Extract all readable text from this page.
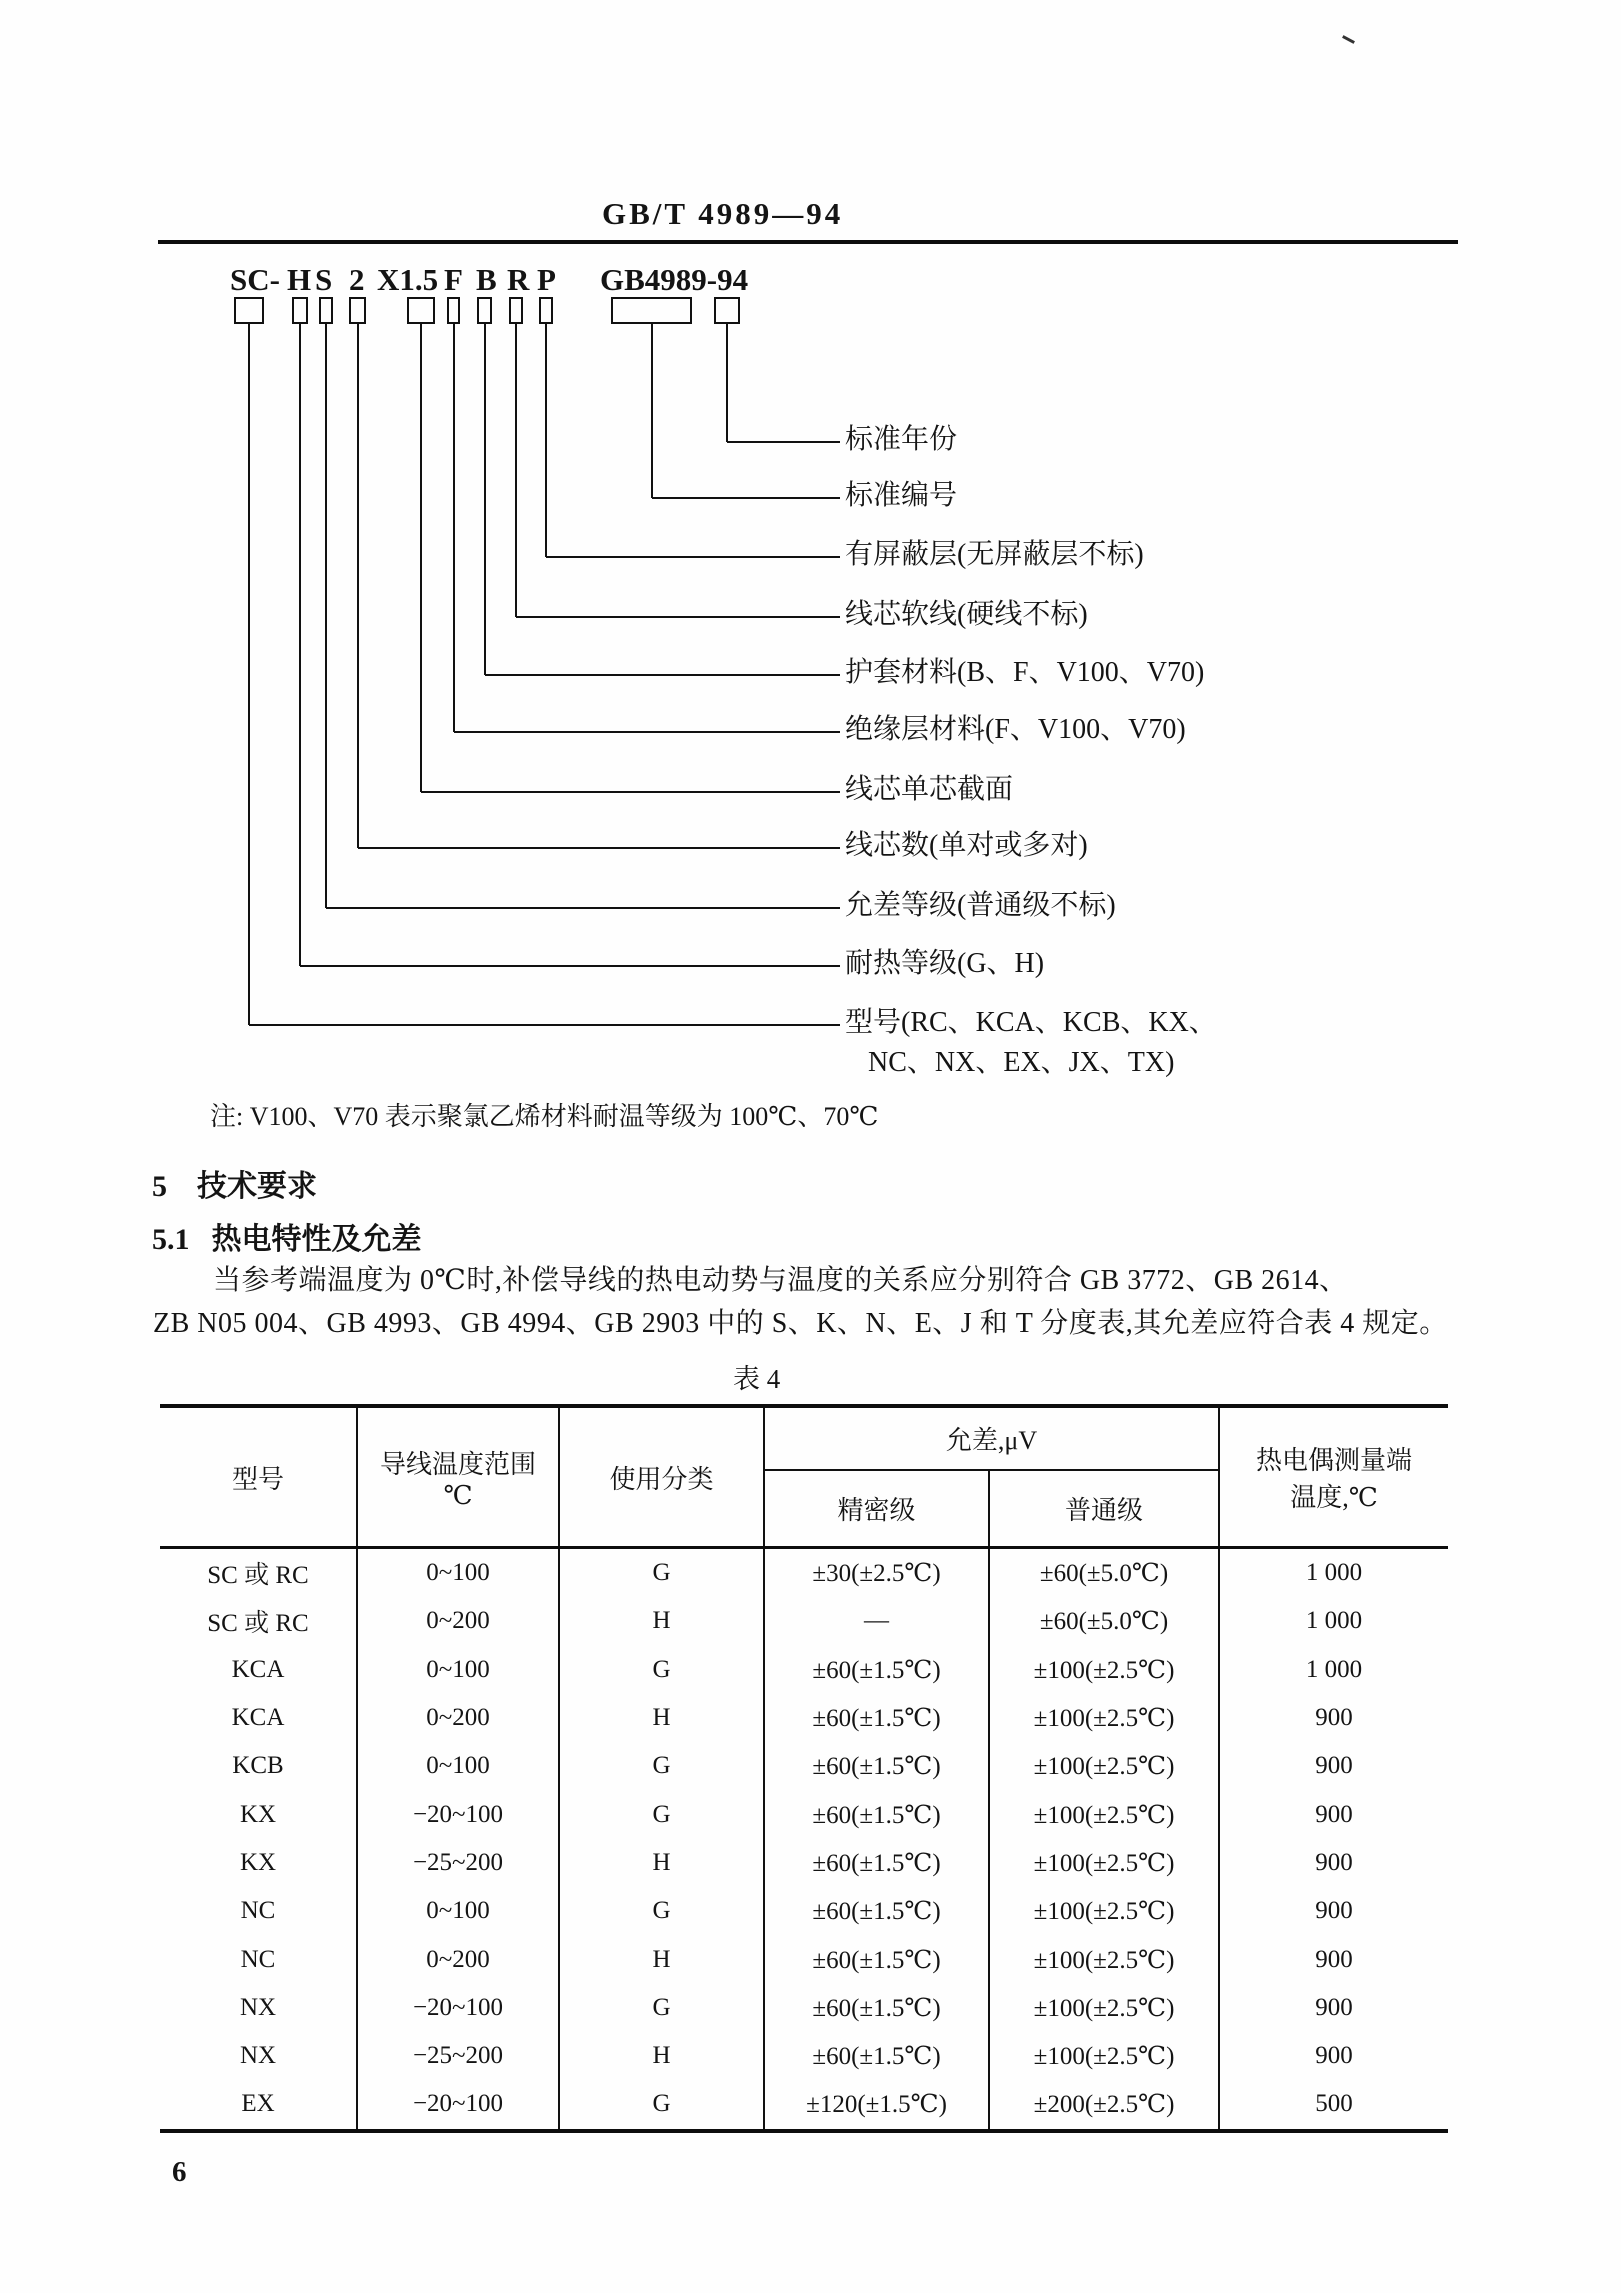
GB/T 4989—94
SC- H S 2 X1.5 F B R P GB4989-94
标准年份
标准编号
有屏蔽层(无屏蔽层不标)
线芯软线(硬线不标)
护套材料(B、F、V100、V70)
绝缘层材料(F、V100、V70)
线芯单芯截面
线芯数(单对或多对)
允差等级(普通级不标)
耐热等级(G、H)
型号(RC、KCA、KCB、KX、
NC、NX、EX、JX、TX)
注: V100、V70 表示聚氯乙烯材料耐温等级为 100℃、70℃
5 技术要求
5.1 热电特性及允差
当参考端温度为 0℃时,补偿导线的热电动势与温度的关系应分别符合 GB 3772、GB 2614、
ZB N05 004、GB 4993、GB 4994、GB 2903 中的 S、K、N、E、J 和 T 分度表,其允差应符合表 4 规定。
表 4
型号
导线温度范围
℃
使用分类
允差,μV
精密级	普通级
热电偶测量端
温度,℃
SC 或 RC	0~100	G	±30(±2.5℃)	±60(±5.0℃)	1 000
SC 或 RC	0~200	H	—	±60(±5.0℃)	1 000
KCA	0~100	G	±60(±1.5℃)	±100(±2.5℃)	1 000
KCA	0~200	H	±60(±1.5℃)	±100(±2.5℃)	900
KCB	0~100	G	±60(±1.5℃)	±100(±2.5℃)	900
KX	−20~100	G	±60(±1.5℃)	±100(±2.5℃)	900
KX	−25~200	H	±60(±1.5℃)	±100(±2.5℃)	900
NC	0~100	G	±60(±1.5℃)	±100(±2.5℃)	900
NC	0~200	H	±60(±1.5℃)	±100(±2.5℃)	900
NX	−20~100	G	±60(±1.5℃)	±100(±2.5℃)	900
NX	−25~200	H	±60(±1.5℃)	±100(±2.5℃)	900
EX	−20~100	G	±120(±1.5℃)	±200(±2.5℃)	500
6
